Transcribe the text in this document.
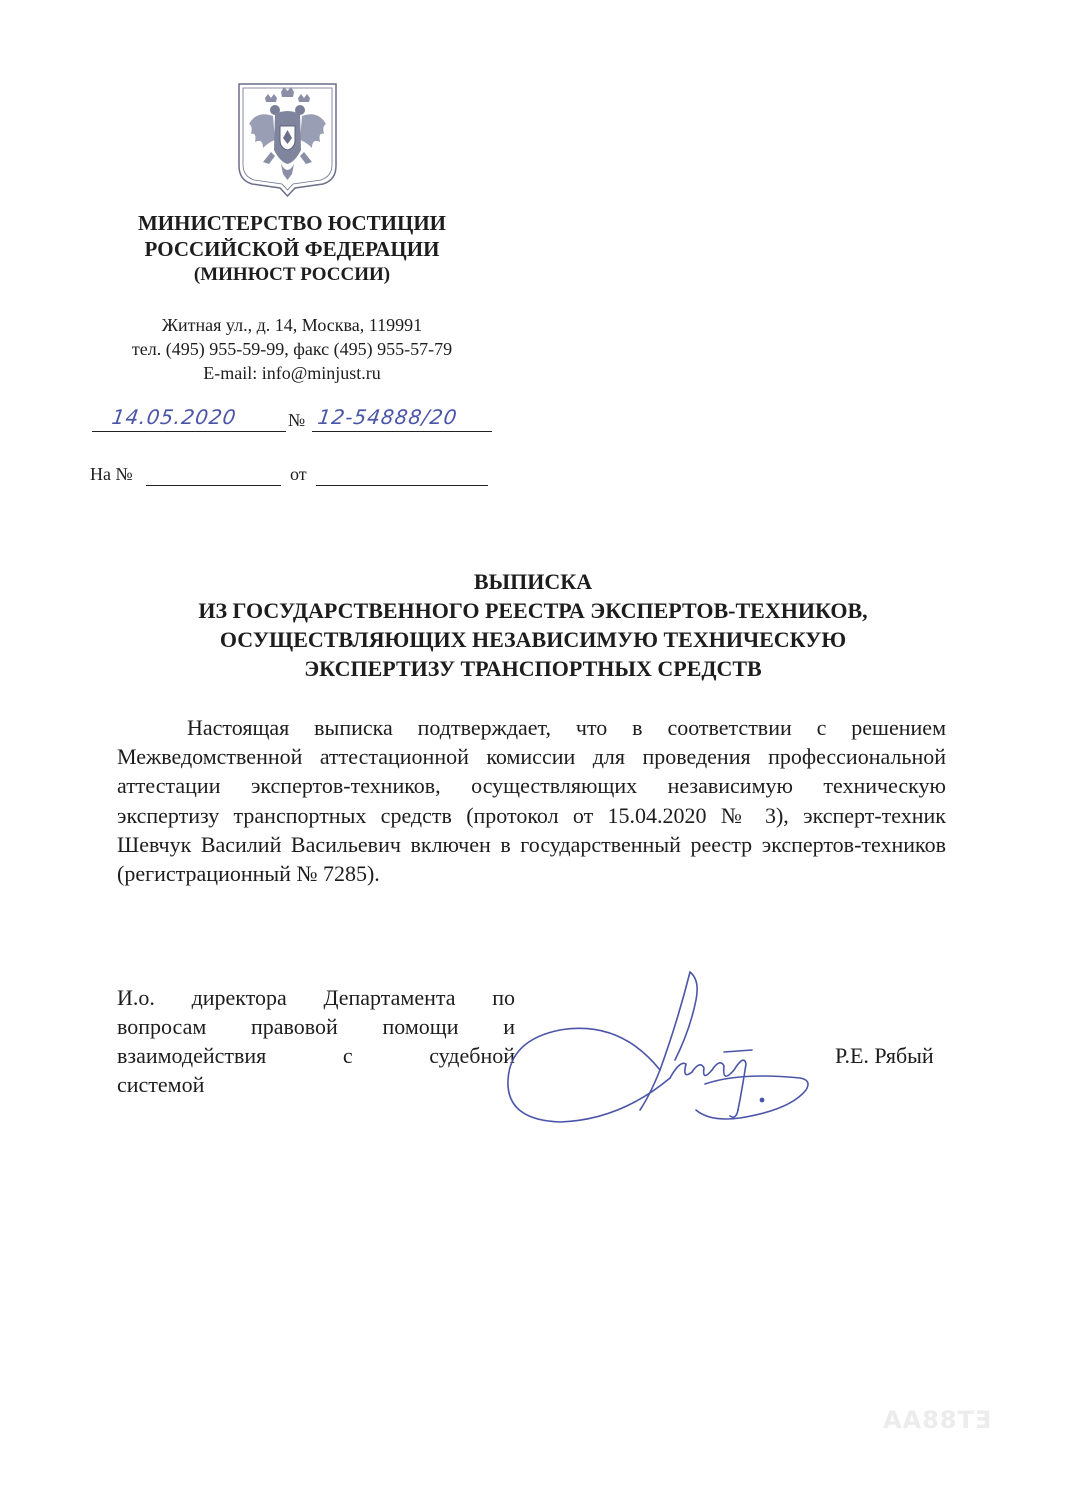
МИНИСТЕРСТВО ЮСТИЦИИ
РОССИЙСКОЙ ФЕДЕРАЦИИ
(МИНЮСТ РОССИИ)
Житная ул., д. 14, Москва, 119991
тел. (495) 955-59-99, факс (495) 955-57-79
E-mail: info@minjust.ru
14.05.2020	№ 12-54888/20
На №	от
ВЫПИСКА
ИЗ ГОСУДАРСТВЕННОГО РЕЕСТРА ЭКСПЕРТОВ-ТЕХНИКОВ,
ОСУЩЕСТВЛЯЮЩИХ НЕЗАВИСИМУЮ ТЕХНИЧЕСКУЮ
ЭКСПЕРТИЗУ ТРАНСПОРТНЫХ СРЕДСТВ

Настоящая выписка подтверждает, что в соответствии с решением Межведомственной аттестационной комиссии для проведения профессиональной аттестации экспертов-техников, осуществляющих независимую техническую экспертизу транспортных средств (протокол от 15.04.2020 № 3), эксперт-техник Шевчук Василий Васильевич включен в государственный реестр экспертов-техников (регистрационный № 7285).

И.о. директора Департамента по вопросам правовой помощи и взаимодействия с судебной

системой
Р.Е. Рябый
ET88AA
